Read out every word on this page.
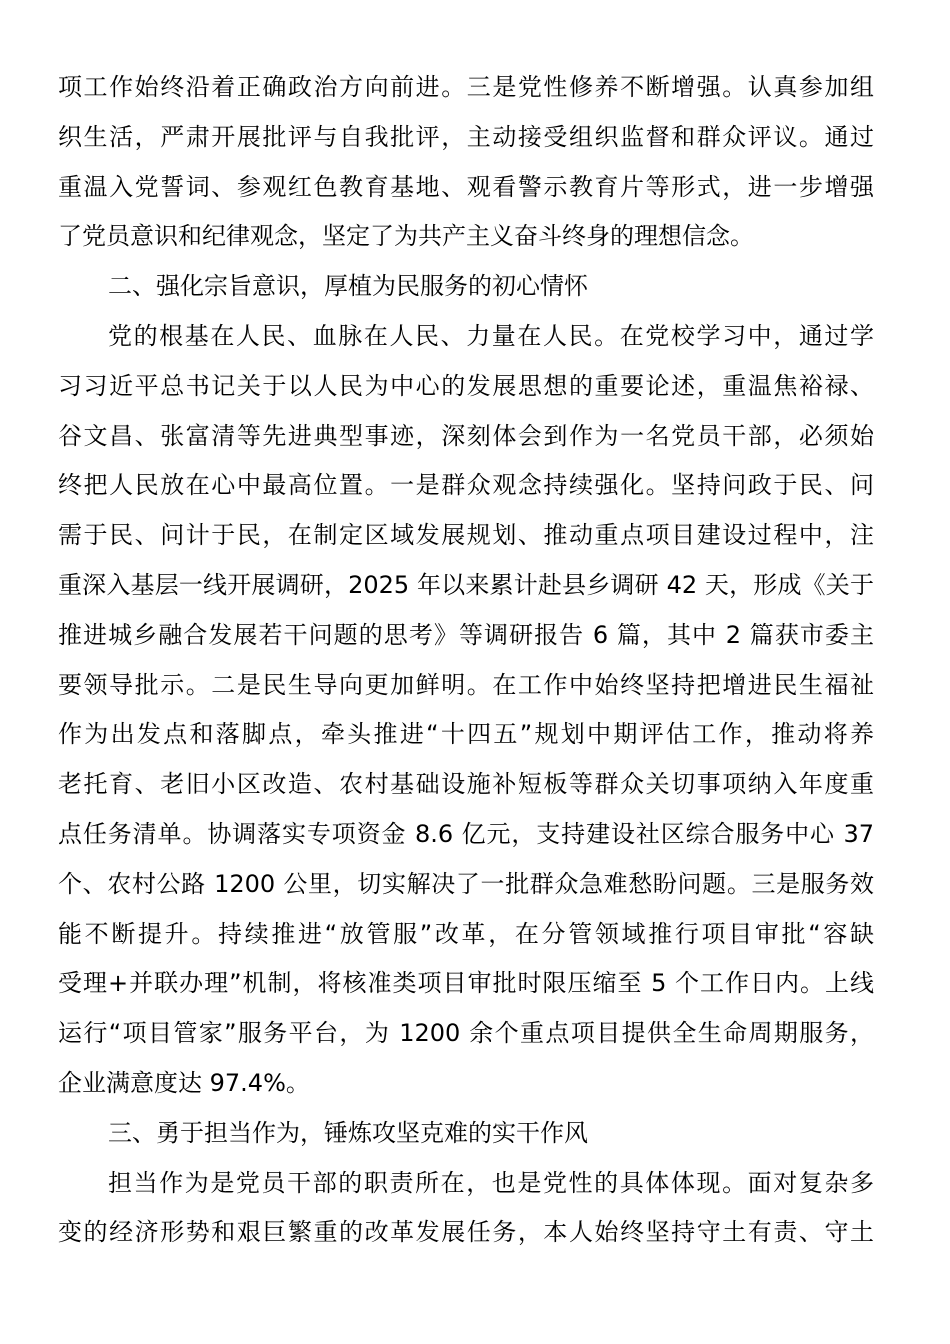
项工作始终沿着正确政治方向前进。三是党性修养不断增强。认真参加组
织生活，严肃开展批评与自我批评，主动接受组织监督和群众评议。通过
重温入党誓词、参观红色教育基地、观看警示教育片等形式，进一步增强
了党员意识和纪律观念，坚定了为共产主义奋斗终身的理想信念。
二、强化宗旨意识，厚植为民服务的初心情怀
党的根基在人民、血脉在人民、力量在人民。在党校学习中，通过学
习习近平总书记关于以人民为中心的发展思想的重要论述，重温焦裕禄、
谷文昌、张富清等先进典型事迹，深刻体会到作为一名党员干部，必须始
终把人民放在心中最高位置。一是群众观念持续强化。坚持问政于民、问
需于民、问计于民，在制定区域发展规划、推动重点项目建设过程中，注
重深入基层一线开展调研，2025 年以来累计赴县乡调研 42 天，形成《关于
推进城乡融合发展若干问题的思考》等调研报告 6 篇，其中 2 篇获市委主
要领导批示。二是民生导向更加鲜明。在工作中始终坚持把增进民生福祉
作为出发点和落脚点，牵头推进“十四五”规划中期评估工作，推动将养
老托育、老旧小区改造、农村基础设施补短板等群众关切事项纳入年度重
点任务清单。协调落实专项资金 8.6 亿元，支持建设社区综合服务中心 37
个、农村公路 1200 公里，切实解决了一批群众急难愁盼问题。三是服务效
能不断提升。持续推进“放管服”改革，在分管领域推行项目审批“容缺
受理+并联办理”机制，将核准类项目审批时限压缩至 5 个工作日内。上线
运行“项目管家”服务平台，为 1200 余个重点项目提供全生命周期服务，
企业满意度达 97.4%。
三、勇于担当作为，锤炼攻坚克难的实干作风
担当作为是党员干部的职责所在，也是党性的具体体现。面对复杂多
变的经济形势和艰巨繁重的改革发展任务，本人始终坚持守土有责、守土
